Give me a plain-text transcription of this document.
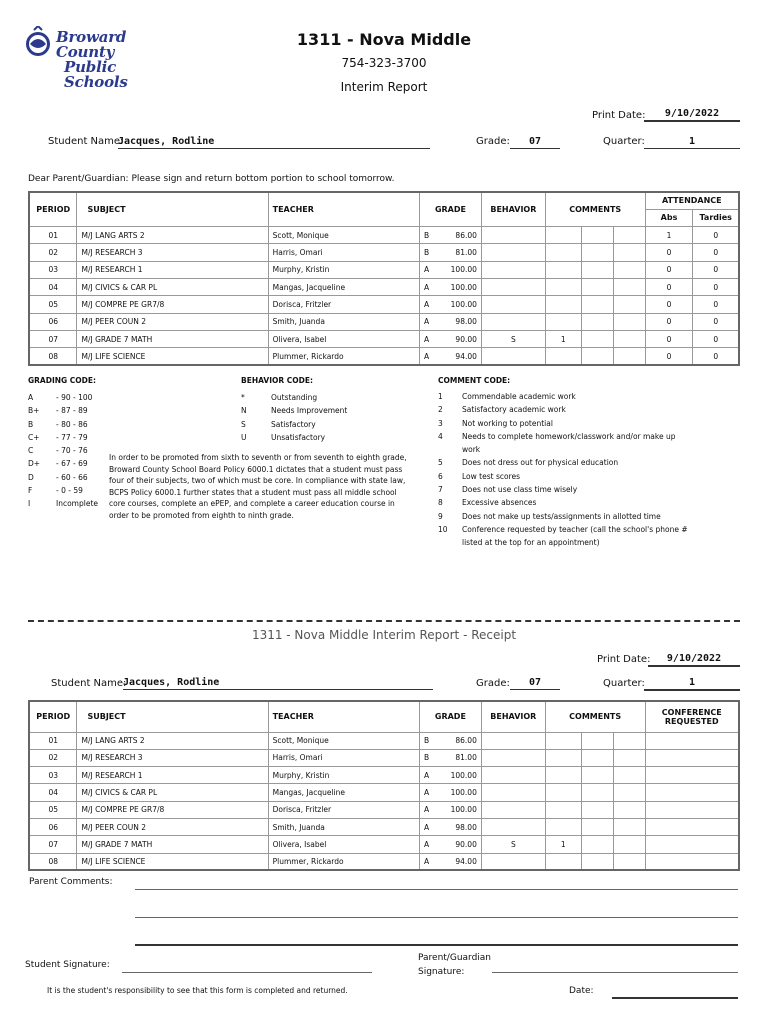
Broward County
Public Schools
1311 - Nova Middle
754-323-3700
Interim Report
Print Date:	9/10/2022
Student Name:
Jacques, Rodline	Grade:	07	Quarter:	1
Dear Parent/Guardian: Please sign and return bottom portion to school tomorrow.
PERIOD	SUBJECT	TEACHER	GRADE		BEHAVIOR	COMMENTS			ATTENDANCE	
									Abs	Tardies
01	M/J LANG ARTS 2	Scott, Monique	B	86.00					1	0
02	M/J RESEARCH 3	Harris, Omari	B	81.00					0	0
03	M/J RESEARCH 1	Murphy, Kristin	A	100.00					0	0
04	M/J CIVICS & CAR PL	Mangas, Jacqueline	A	100.00					0	0
05	M/J COMPRE PE GR7/8	Dorisca, Fritzler	A	100.00					0	0
06	M/J PEER COUN 2	Smith, Juanda	A	98.00					0	0
07	M/J GRADE 7 MATH	Olivera, Isabel	A	90.00	S	1			0	0
08	M/J LIFE SCIENCE	Plummer, Rickardo	A	94.00					0	0
GRADING CODE:
A	- 90 - 100
B+ - 87 - 89
B	- 80 - 86
C+ - 77 - 79
C	- 70 - 76
D+ - 67 - 69
D	- 60 - 66
F	- 0 - 59
I	Incomplete
BEHAVIOR CODE:
*	Outstanding
N	Needs Improvement
S	Satisfactory
U	Unsatisfactory
In order to be promoted from sixth to seventh or from seventh to eighth grade, Broward County School Board Policy 6000.1 dictates that a student must pass four of their subjects, two of which must be core. In compliance with state law, BCPS Policy 6000.1 further states that a student must pass all middle school core courses, complete an ePEP, and complete a career education course in order to be promoted from eighth to ninth grade.
COMMENT CODE:
1	Commendable academic work
2	Satisfactory academic work
3	Not working to potential
4	Needs to complete homework/classwork and/or make up
work
5	Does not dress out for physical education
6	Low test scores
7	Does not use class time wisely
8	Excessive absences
9	Does not make up tests/assignments in allotted time
10 Conference requested by teacher (call the school's phone #
listed at the top for an appointment)
1311 - Nova Middle Interim Report - Receipt
Print Date:	9/10/2022
Student Name:
Jacques, Rodline	Grade:	07	Quarter:	1
PERIOD	SUBJECT	TEACHER	GRADE		BEHAVIOR	COMMENTS			CONFERENCE REQUESTED
01	M/J LANG ARTS 2	Scott, Monique	B	86.00					
02	M/J RESEARCH 3	Harris, Omari	B	81.00					
03	M/J RESEARCH 1	Murphy, Kristin	A	100.00					
04	M/J CIVICS & CAR PL	Mangas, Jacqueline	A	100.00					
05	M/J COMPRE PE GR7/8	Dorisca, Fritzler	A	100.00					
06	M/J PEER COUN 2	Smith, Juanda	A	98.00					
07	M/J GRADE 7 MATH	Olivera, Isabel	A	90.00	S	1			
08	M/J LIFE SCIENCE	Plummer, Rickardo	A	94.00					
Parent Comments:
Student Signature:
Parent/Guardian
Signature:
It is the student's responsibility to see that this form is completed and returned.	Date:
